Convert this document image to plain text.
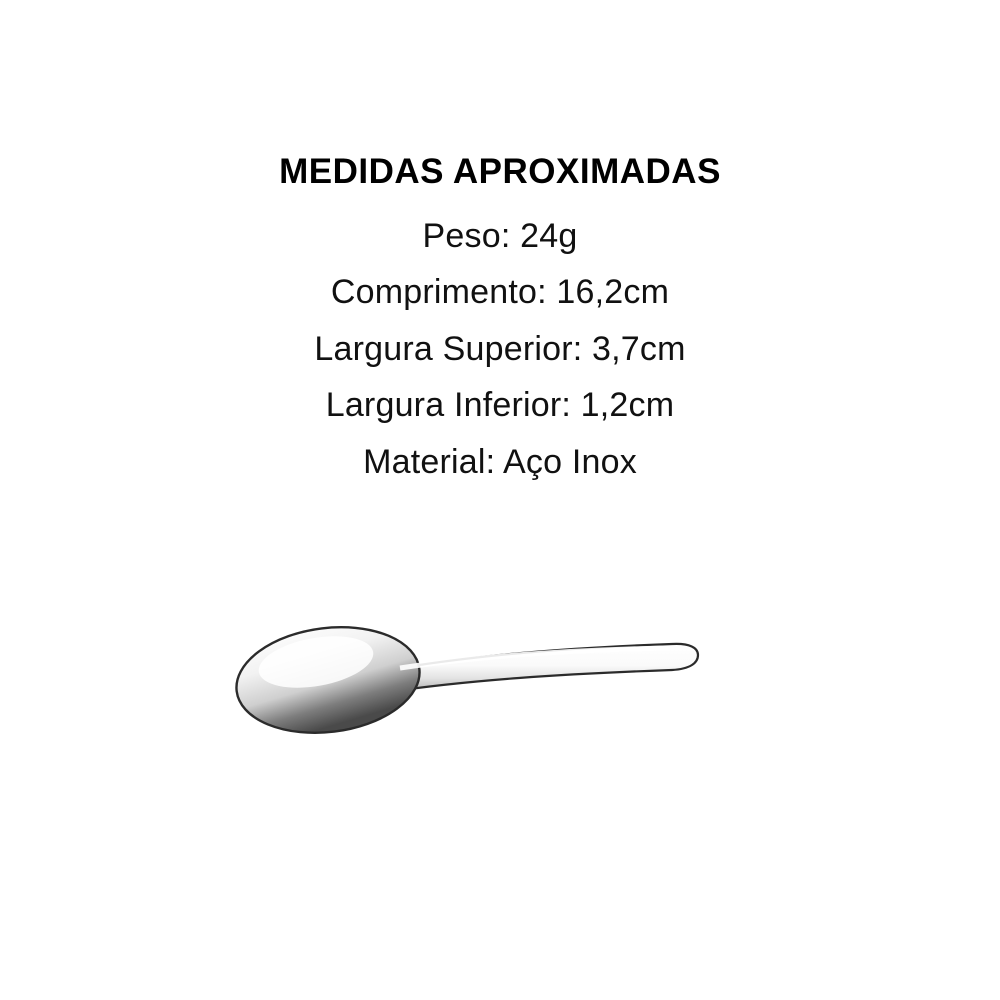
MEDIDAS APROXIMADAS
Peso: 24g
Comprimento: 16,2cm
Largura Superior: 3,7cm
Largura Inferior: 1,2cm
Material: Aço Inox
